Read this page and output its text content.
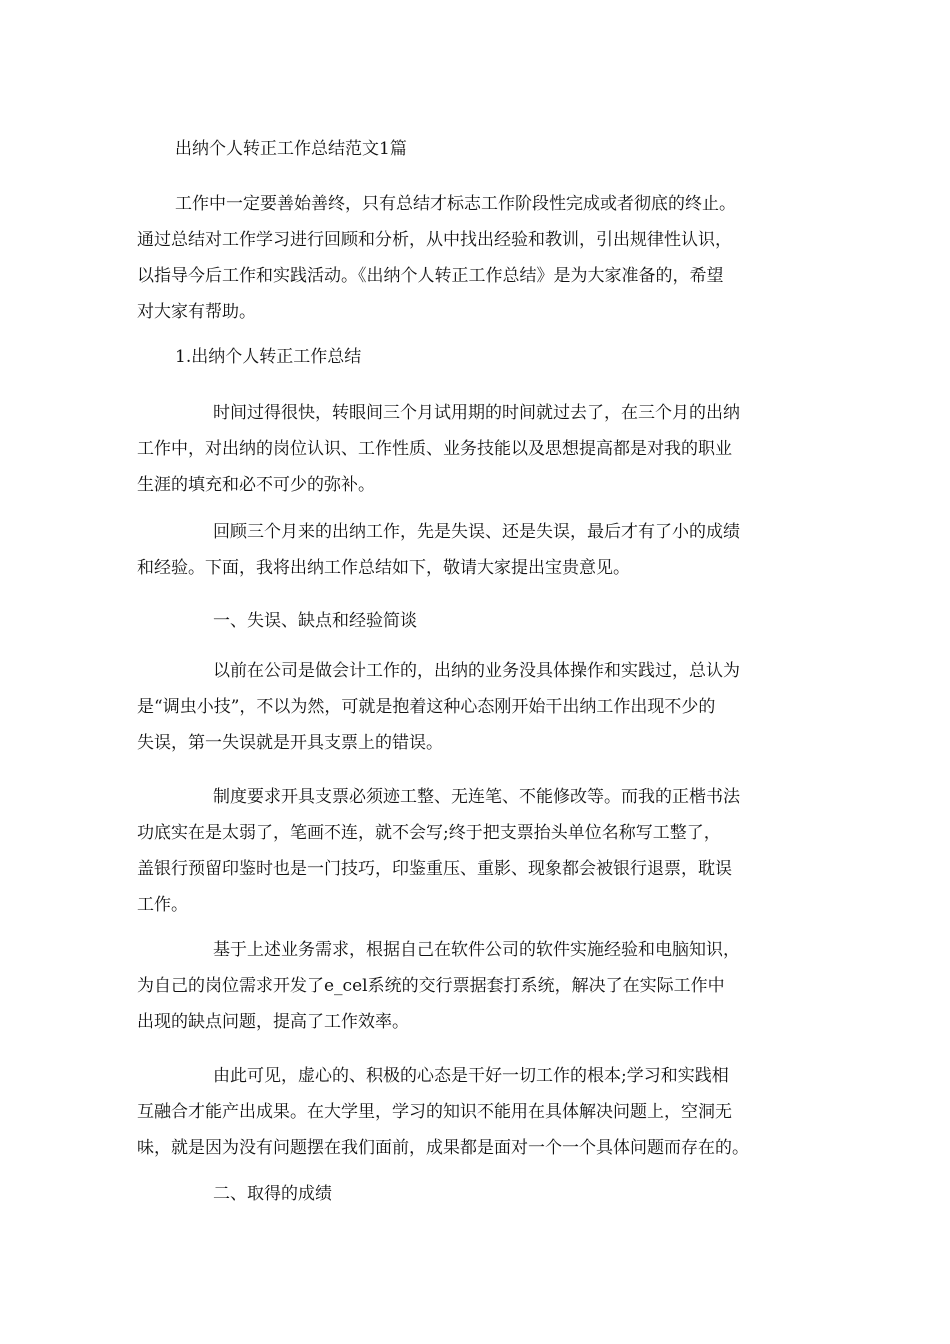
出纳个人转正工作总结范文1篇

工作中一定要善始善终，只有总结才标志工作阶段性完成或者彻底的终止。

通过总结对工作学习进行回顾和分析，从中找出经验和教训，引出规律性认识，

以指导今后工作和实践活动。《出纳个人转正工作总结》是为大家准备的，希望

对大家有帮助。

1.出纳个人转正工作总结

时间过得很快，转眼间三个月试用期的时间就过去了，在三个月的出纳

工作中，对出纳的岗位认识、工作性质、业务技能以及思想提高都是对我的职业

生涯的填充和必不可少的弥补。

回顾三个月来的出纳工作，先是失误、还是失误，最后才有了小的成绩

和经验。下面，我将出纳工作总结如下，敬请大家提出宝贵意见。

一、失误、缺点和经验简谈

以前在公司是做会计工作的，出纳的业务没具体操作和实践过，总认为

是“调虫小技”，不以为然，可就是抱着这种心态刚开始干出纳工作出现不少的

失误，第一失误就是开具支票上的错误。

制度要求开具支票必须迹工整、无连笔、不能修改等。而我的正楷书法

功底实在是太弱了，笔画不连，就不会写;终于把支票抬头单位名称写工整了，

盖银行预留印鉴时也是一门技巧，印鉴重压、重影、现象都会被银行退票，耽误

工作。

基于上述业务需求，根据自己在软件公司的软件实施经验和电脑知识，

为自己的岗位需求开发了e_cel系统的交行票据套打系统，解决了在实际工作中

出现的缺点问题，提高了工作效率。

由此可见，虚心的、积极的心态是干好一切工作的根本;学习和实践相

互融合才能产出成果。在大学里，学习的知识不能用在具体解决问题上，空洞无

味，就是因为没有问题摆在我们面前，成果都是面对一个一个具体问题而存在的。

二、取得的成绩
